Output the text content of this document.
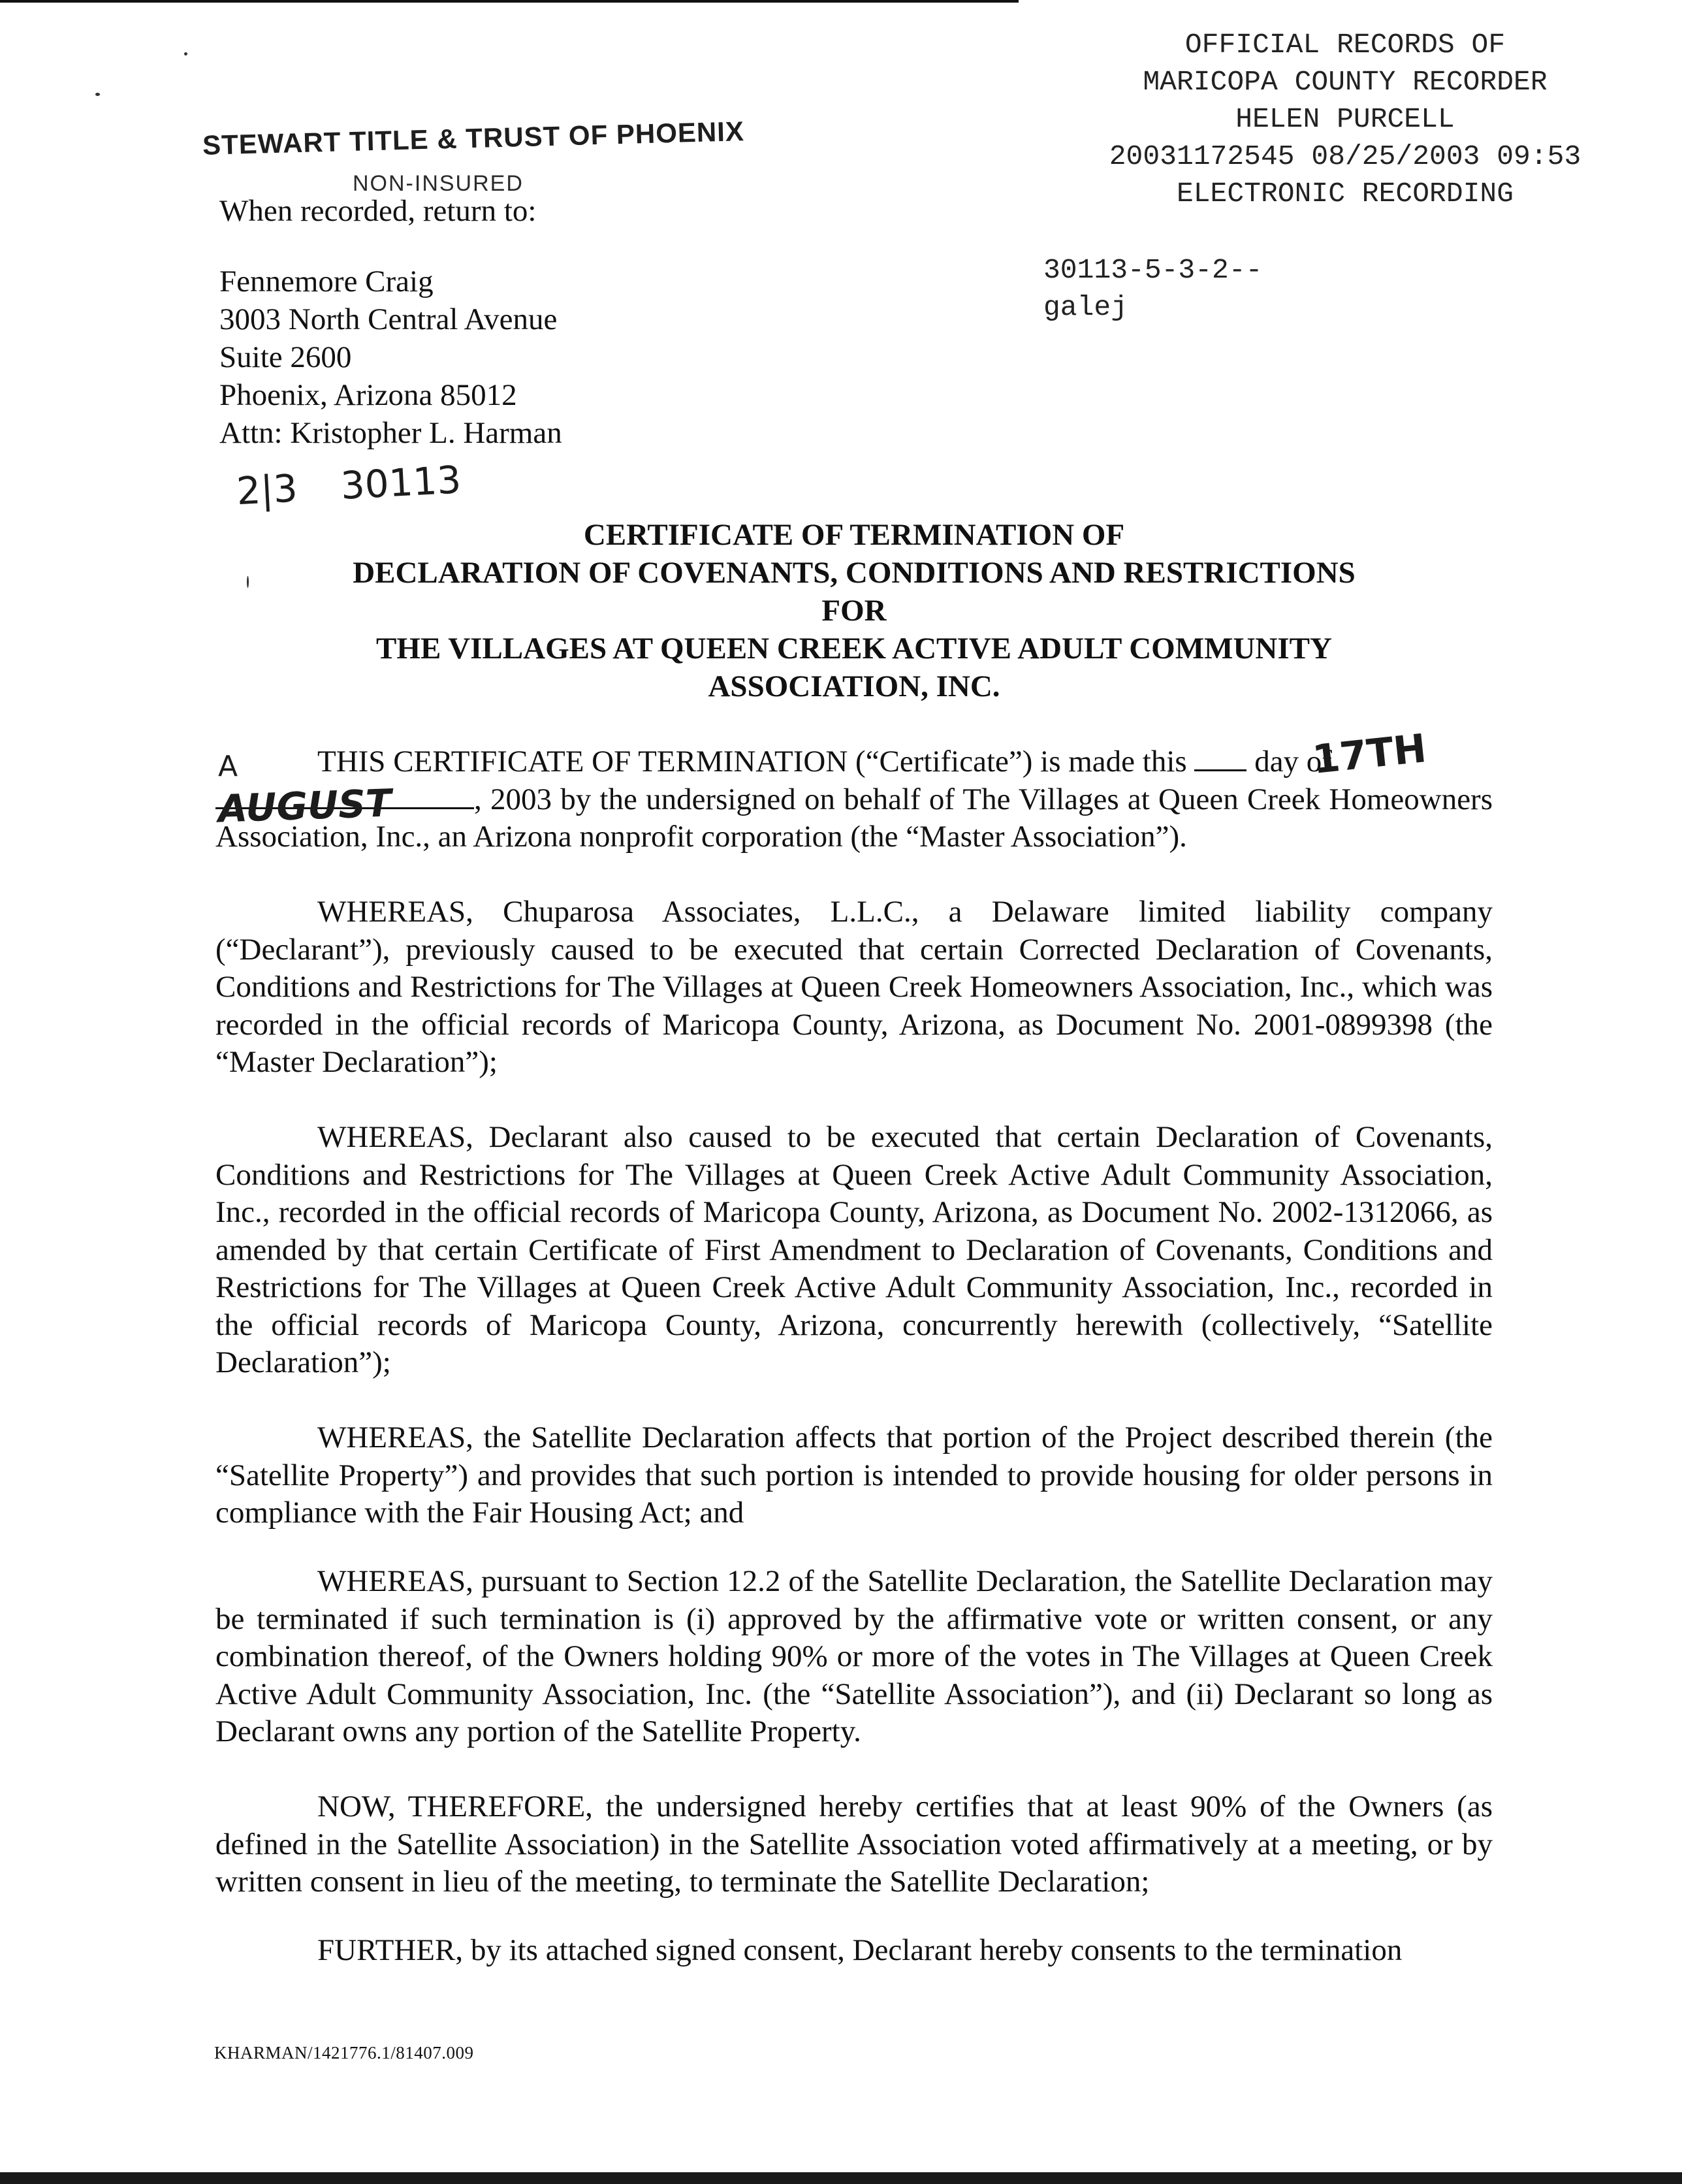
OFFICIAL RECORDS OF
MARICOPA COUNTY RECORDER
HELEN PURCELL
20031172545 08/25/2003 09:53
ELECTRONIC RECORDING
30113-5-3-2--
galej
STEWART TITLE & TRUST OF PHOENIX
NON-INSURED
When recorded, return to:
Fennemore Craig
3003 North Central Avenue
Suite 2600
Phoenix, Arizona 85012
Attn: Kristopher L. Harman
2|3 30113
CERTIFICATE OF TERMINATION OF
DECLARATION OF COVENANTS, CONDITIONS AND RESTRICTIONS
FOR
THE VILLAGES AT QUEEN CREEK ACTIVE ADULT COMMUNITY
ASSOCIATION, INC.
THIS CERTIFICATE OF TERMINATION (“Certificate”) is made this  day of
, 2003 by the undersigned on behalf of The Villages at Queen Creek Homeowners Association, Inc., an Arizona nonprofit corporation (the “Master Association”).
17TH
A
AUGUST
WHEREAS, Chuparosa Associates, L.L.C., a Delaware limited liability company (“Declarant”), previously caused to be executed that certain Corrected Declaration of Covenants, Conditions and Restrictions for The Villages at Queen Creek Homeowners Association, Inc., which was recorded in the official records of Maricopa County, Arizona, as Document No. 2001-0899398 (the “Master Declaration”);
WHEREAS, Declarant also caused to be executed that certain Declaration of Covenants, Conditions and Restrictions for The Villages at Queen Creek Active Adult Community Association, Inc., recorded in the official records of Maricopa County, Arizona, as Document No. 2002-1312066, as amended by that certain Certificate of First Amendment to Declaration of Covenants, Conditions and Restrictions for The Villages at Queen Creek Active Adult Community Association, Inc., recorded in the official records of Maricopa County, Arizona, concurrently herewith (collectively, “Satellite Declaration”);
WHEREAS, the Satellite Declaration affects that portion of the Project described therein (the “Satellite Property”) and provides that such portion is intended to provide housing for older persons in compliance with the Fair Housing Act; and
WHEREAS, pursuant to Section 12.2 of the Satellite Declaration, the Satellite Declaration may be terminated if such termination is (i) approved by the affirmative vote or written consent, or any combination thereof, of the Owners holding 90% or more of the votes in The Villages at Queen Creek Active Adult Community Association, Inc. (the “Satellite Association”), and (ii) Declarant so long as Declarant owns any portion of the Satellite Property.
NOW, THEREFORE, the undersigned hereby certifies that at least 90% of the Owners (as defined in the Satellite Association) in the Satellite Association voted affirmatively at a meeting, or by written consent in lieu of the meeting, to terminate the Satellite Declaration;
FURTHER, by its attached signed consent, Declarant hereby consents to the termination
KHARMAN/1421776.1/81407.009
